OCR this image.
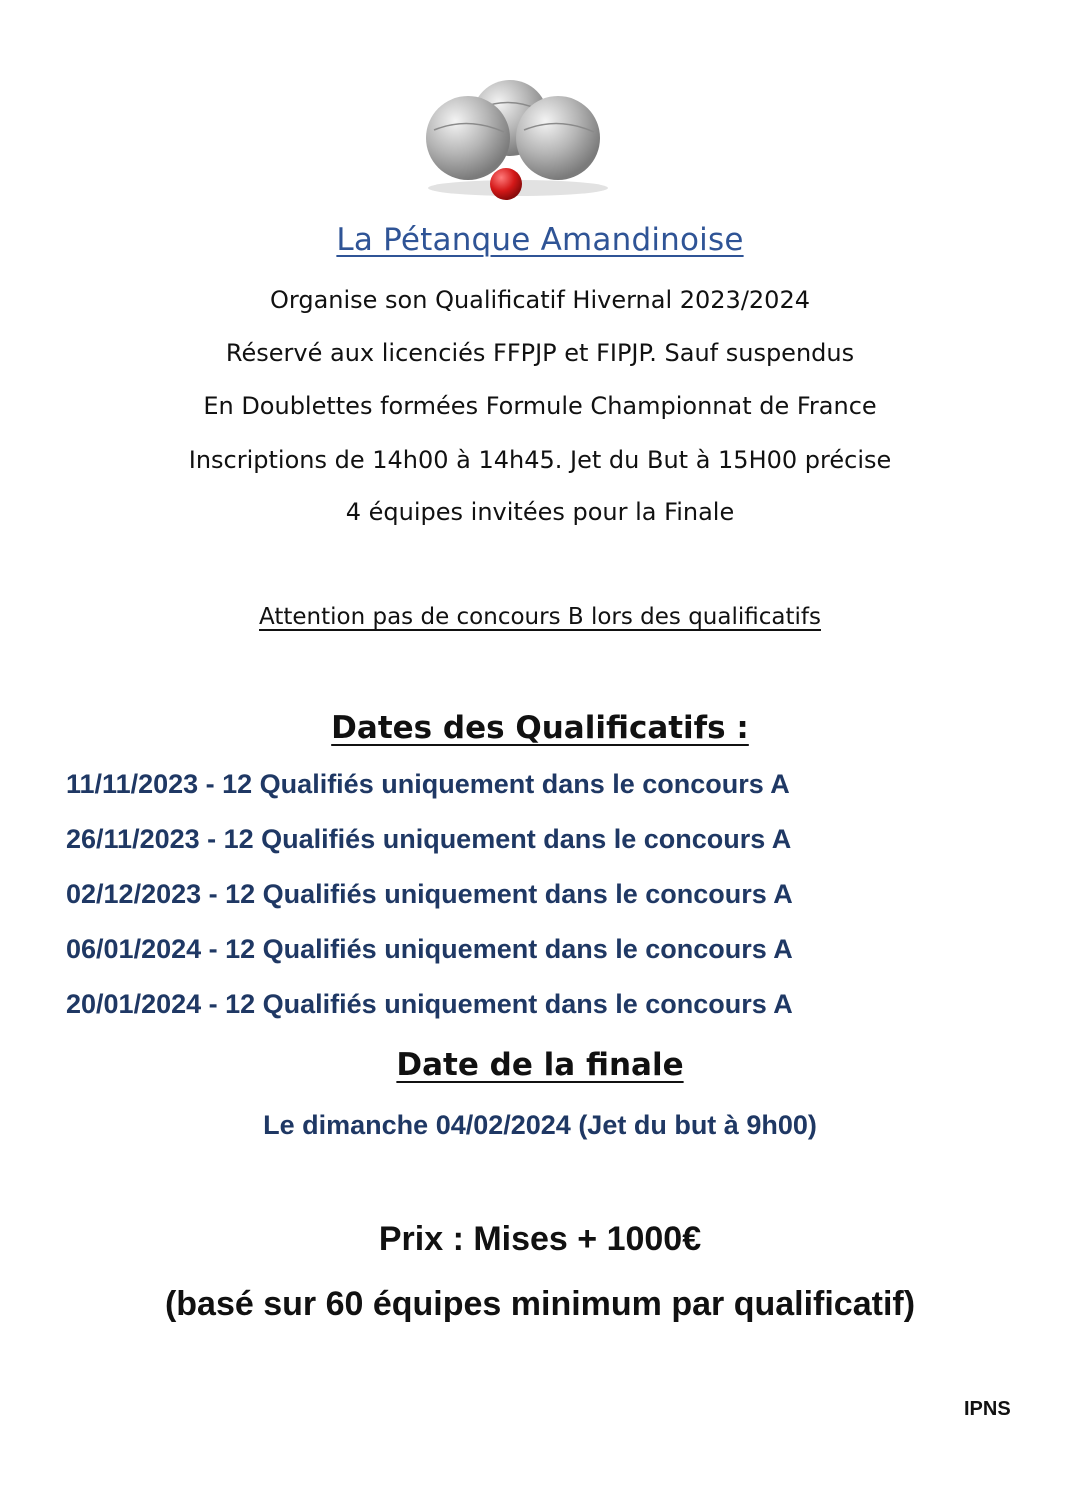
La Pétanque Amandinoise
Organise son Qualificatif Hivernal 2023/2024
Réservé aux licenciés FFPJP et FIPJP. Sauf suspendus
En Doublettes formées Formule Championnat de France
Inscriptions de 14h00 à 14h45. Jet du But à 15H00 précise
4 équipes invitées pour la Finale
Attention pas de concours B lors des qualificatifs
Dates des Qualificatifs :
11/11/2023 - 12 Qualifiés uniquement dans le concours A
26/11/2023 - 12 Qualifiés uniquement dans le concours A
02/12/2023 - 12 Qualifiés uniquement dans le concours A
06/01/2024 - 12 Qualifiés uniquement dans le concours A
20/01/2024 - 12 Qualifiés uniquement dans le concours A
Date de la finale
Le dimanche 04/02/2024 (Jet du but à 9h00)
Prix : Mises + 1000€
(basé sur 60 équipes minimum par qualificatif)
IPNS
